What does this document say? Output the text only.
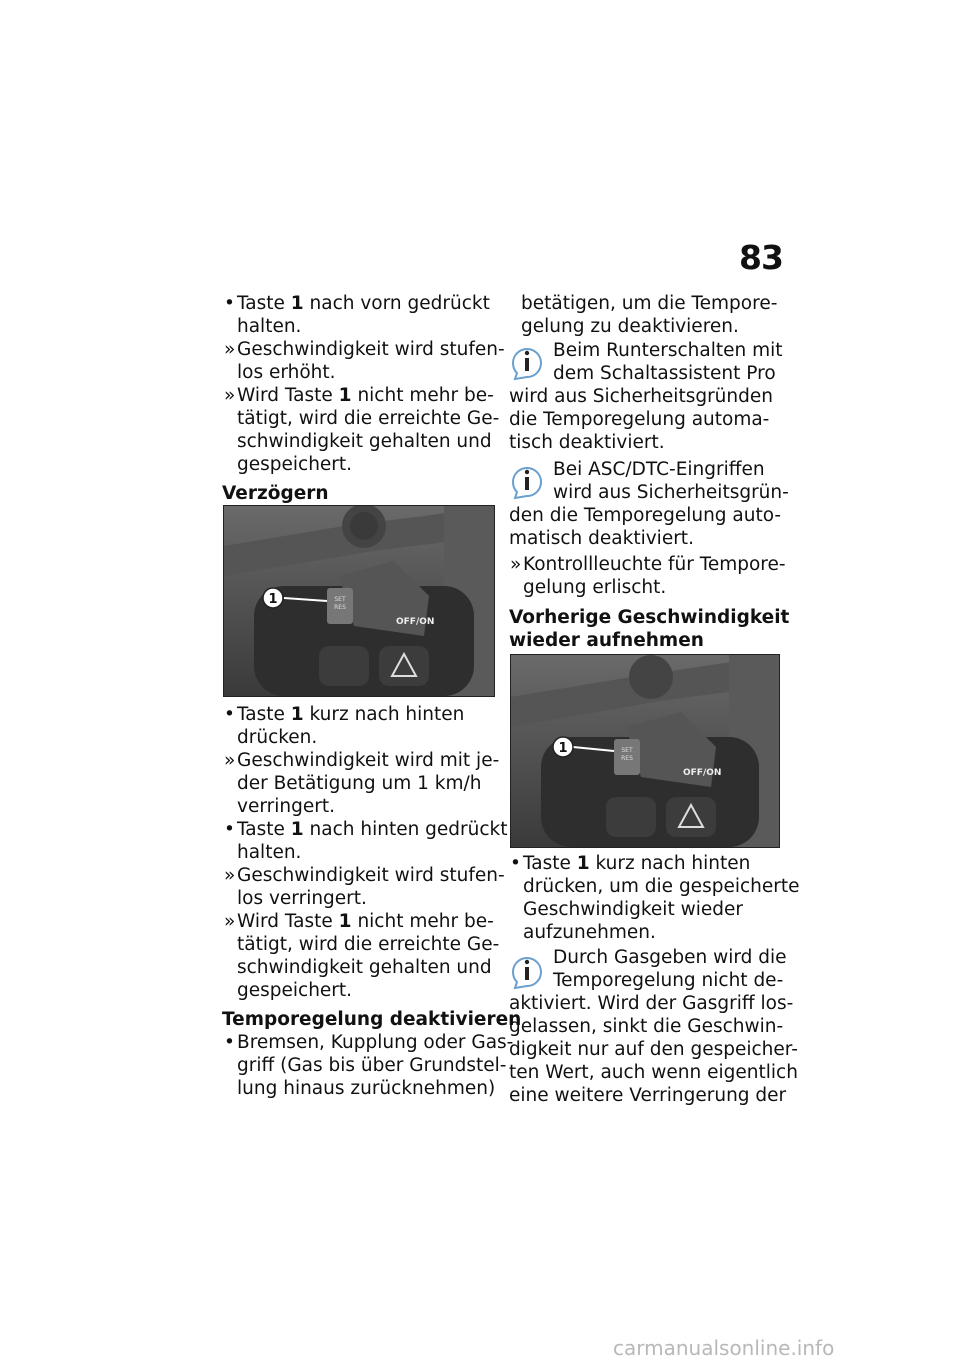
83
• Taste 1 nach vorn gedrückt
halten.
» Geschwindigkeit wird stufen-
los erhöht.
» Wird Taste 1 nicht mehr be-
tätigt, wird die erreichte Ge-
schwindigkeit gehalten und
gespeichert.
Verzögern
SET
RES
OFF/ON
1
• Taste 1 kurz nach hinten
drücken.
» Geschwindigkeit wird mit je-
der Betätigung um 1 km/h
verringert.
• Taste 1 nach hinten gedrückt
halten.
» Geschwindigkeit wird stufen-
los verringert.
» Wird Taste 1 nicht mehr be-
tätigt, wird die erreichte Ge-
schwindigkeit gehalten und
gespeichert.
Temporegelung deaktivieren
• Bremsen, Kupplung oder Gas-
griff (Gas bis über Grundstel-
lung hinaus zurücknehmen)
betätigen, um die Tempore-
gelung zu deaktivieren.
Beim Runterschalten mit
dem Schaltassistent Pro
wird aus Sicherheitsgründen
die Temporegelung automa-
tisch deaktiviert.
Bei ASC/DTC-Eingriffen
wird aus Sicherheitsgrün-
den die Temporegelung auto-
matisch deaktiviert.
» Kontrollleuchte für Tempore-
gelung erlischt.
Vorherige Geschwindigkeit
wieder aufnehmen
SET
RES
OFF/ON
1
• Taste 1 kurz nach hinten
drücken, um die gespeicherte
Geschwindigkeit wieder
aufzunehmen.
Durch Gasgeben wird die
Temporegelung nicht de-
aktiviert. Wird der Gasgriff los-
gelassen, sinkt die Geschwin-
digkeit nur auf den gespeicher-
ten Wert, auch wenn eigentlich
eine weitere Verringerung der
carmanualsonline.info
